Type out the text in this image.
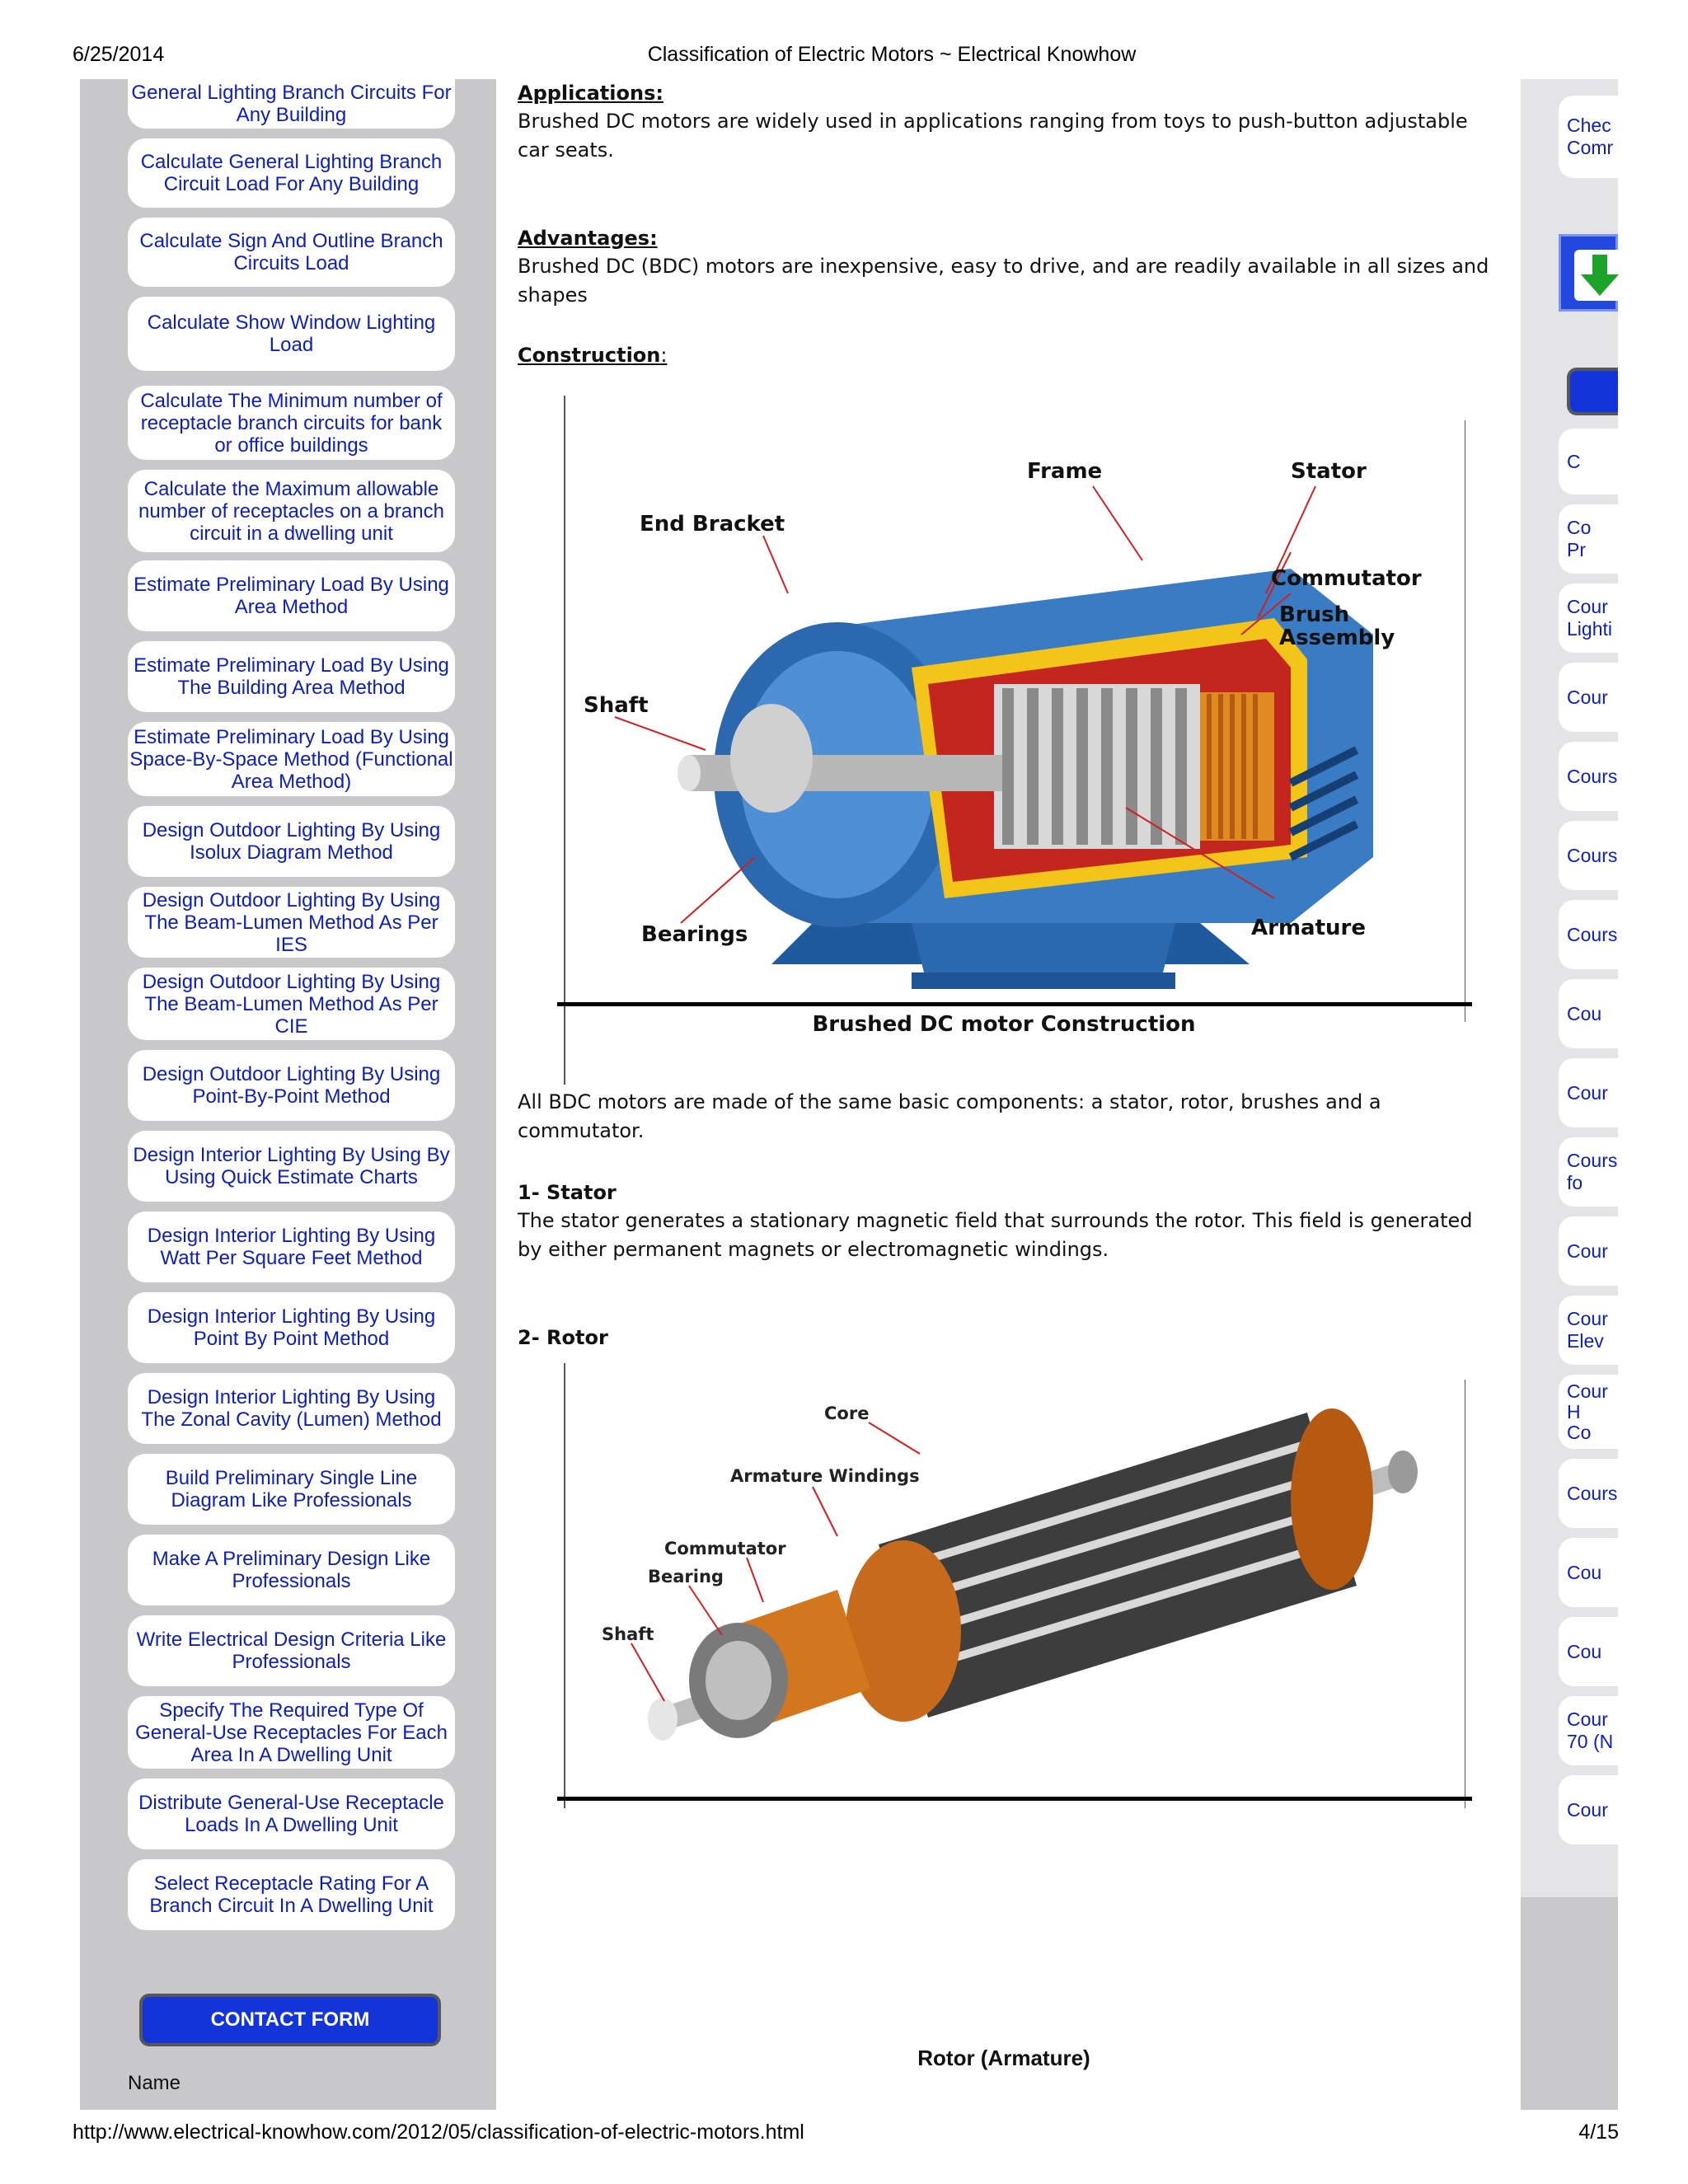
6/25/2014	Classification of Electric Motors ~ Electrical Knowhow
General Lighting Branch Circuits For Any Building
Calculate General Lighting Branch Circuit Load For Any Building
Calculate Sign And Outline Branch Circuits Load
Calculate Show Window Lighting Load
Calculate The Minimum number of receptacle branch circuits for bank or office buildings
Calculate the Maximum allowable number of receptacles on a branch circuit in a dwelling unit
Estimate Preliminary Load By Using Area Method
Estimate Preliminary Load By Using The Building Area Method
Estimate Preliminary Load By Using Space-By-Space Method (Functional Area Method)
Design Outdoor Lighting By Using Isolux Diagram Method
Design Outdoor Lighting By Using The Beam-Lumen Method As Per IES
Design Outdoor Lighting By Using The Beam-Lumen Method As Per CIE
Design Outdoor Lighting By Using Point-By-Point Method
Design Interior Lighting By Using By Using Quick Estimate Charts
Design Interior Lighting By Using Watt Per Square Feet Method
Design Interior Lighting By Using Point By Point Method
Design Interior Lighting By Using The Zonal Cavity (Lumen) Method
Build Preliminary Single Line Diagram Like Professionals
Make A Preliminary Design Like Professionals
Write Electrical Design Criteria Like Professionals
Specify The Required Type Of General-Use Receptacles For Each Area In A Dwelling Unit
Distribute General-Use Receptacle Loads In A Dwelling Unit
Select Receptacle Rating For A Branch Circuit In A Dwelling Unit
CONTACT FORM
Name
Applications:
Brushed DC motors are widely used in applications ranging from toys to push-button adjustable car seats.
Advantages:
Brushed DC (BDC) motors are inexpensive, easy to drive, and are readily available in all sizes and shapes
Construction :
Frame	Stator
End Bracket
Commutator
Brush
Assembly
Shaft
Bearings	Armature
Brushed DC motor Construction
All BDC motors are made of the same basic components: a stator, rotor, brushes and a commutator.
1- Stator
The stator generates a stationary magnetic field that surrounds the rotor. This field is generated by either permanent magnets or electromagnetic windings.
2- Rotor
Core
Armature Windings
Commutator
Bearing
Shaft
Rotor (Armature)
Chec
Comr
C
Co
Pr
Cour
Lighti
Cour
Cours
Cours
Cours
Cou
Cour
Cours
fo
Cour
Cour
Elev
Cour
H
Co
Cours
Cou
Cou
Cour
70 (N
Cour
http://www.electrical-knowhow.com/2012/05/classification-of-electric-motors.html	4/15
